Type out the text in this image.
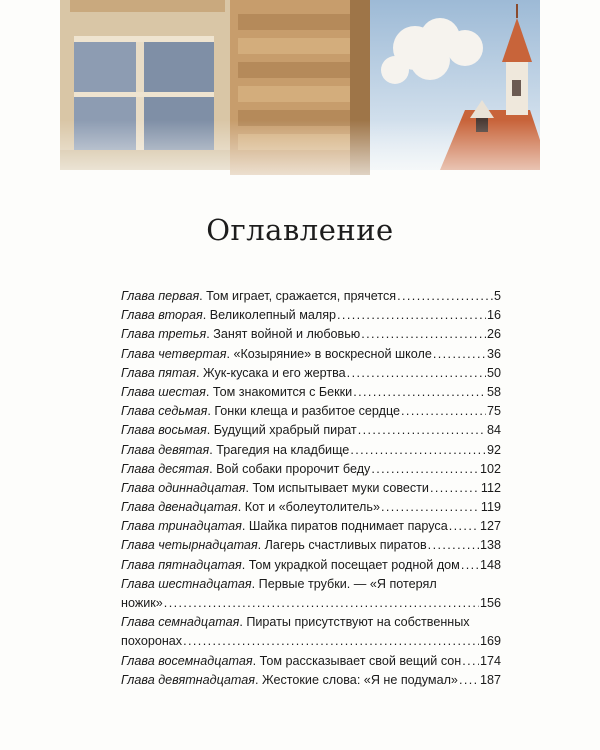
Оглавление
Глава первая . Том играет, сражается, прячется .....	5
Глава вторая . Великолепный маляр .....	16
Глава третья . Занят войной и любовью .....	26
Глава четвертая . «Козыряние» в воскресной школе .....	36
Глава пятая . Жук-кусака и его жертва .....	50
Глава шестая . Том знакомится с Бекки .....	58
Глава седьмая . Гонки клеща и разбитое сердце .....	75
Глава восьмая . Будущий храбрый пират .....	84
Глава девятая . Трагедия на кладбище .....	92
Глава десятая . Вой собаки пророчит беду .....	102
Глава одиннадцатая . Том испытывает муки совести .....	112
Глава двенадцатая . Кот и «болеутолитель» .....	119
Глава тринадцатая . Шайка пиратов поднимает паруса .....	127
Глава четырнадцатая . Лагерь счастливых пиратов .....	138
Глава пятнадцатая . Том украдкой посещает родной дом ..... 148
Глава шестнадцатая . Первые трубки. — «Я потерял
ножик» .....	156
Глава семнадцатая . Пираты присутствуют на собственных
похоронах .....	169
Глава восемнадцатая . Том рассказывает свой вещий сон ..... 174
Глава девятнадцатая . Жестокие слова: «Я не подумал» ..... 187
